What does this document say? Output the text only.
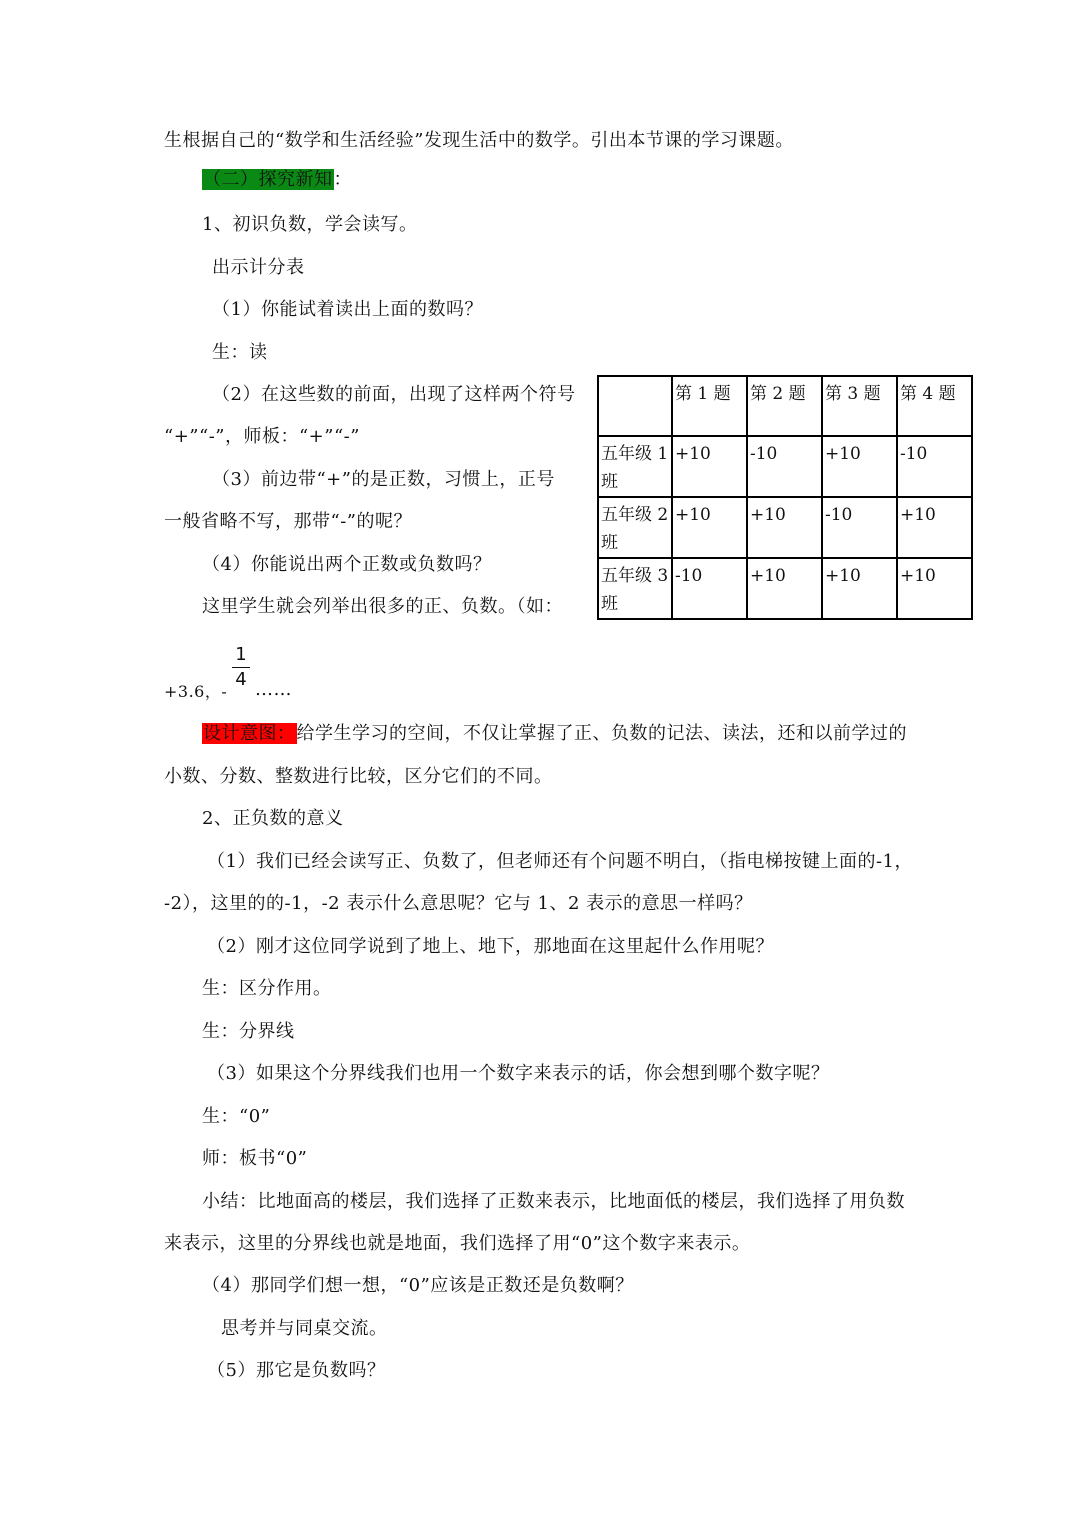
生根据自己的“数学和生活经验”发现生活中的数学。引出本节课的学习课题。
（二）探究新知：
1、初识负数，学会读写。
出示计分表
（1）你能试着读出上面的数吗？
生：读
（2）在这些数的前面，出现了这样两个符号
“+”“-”，师板：“+”“-”
（3）前边带“+”的是正数，习惯上，正号
一般省略不写，那带“-”的呢？
（4）你能说出两个正数或负数吗？
这里学生就会列举出很多的正、负数。（如：
	第 1 题	第 2 题	第 3 题	第 4 题
五年级 1 班	+10	-10	+10	-10
五年级 2 班	+10	+10	-10	+10
五年级 3 班	-10	+10	+10	+10
1
4
+3.6，- ……
设计意图：给学生学习的空间，不仅让掌握了正、负数的记法、读法，还和以前学过的
小数、分数、整数进行比较，区分它们的不同。
2、正负数的意义
（1）我们已经会读写正、负数了，但老师还有个问题不明白，（指电梯按键上面的-1，
-2），这里的的-1，-2 表示什么意思呢？它与 1、2 表示的意思一样吗？
（2）刚才这位同学说到了地上、地下，那地面在这里起什么作用呢？
生：区分作用。
生：分界线
（3）如果这个分界线我们也用一个数字来表示的话，你会想到哪个数字呢？
生：“0”
师：板书“0”
小结：比地面高的楼层，我们选择了正数来表示，比地面低的楼层，我们选择了用负数
来表示，这里的分界线也就是地面，我们选择了用“0”这个数字来表示。
（4）那同学们想一想，“0”应该是正数还是负数啊？
思考并与同桌交流。
（5）那它是负数吗？
